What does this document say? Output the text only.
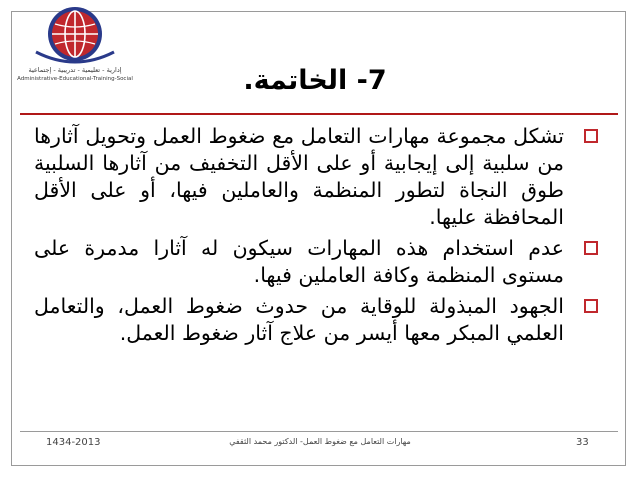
إدارية - تعليمية - تدريبية - إجتماعية
Administrative-Educational-Training-Social	7- الخاتمة.
تشكل مجموعة مهارات التعامل مع ضغوط العمل وتحويل آثارها من سلبية إلى إيجابية أو على الأقل التخفيف من آثارها السلبية طوق النجاة لتطور المنظمة والعاملين فيها، أو على الأقل المحافظة عليها.
عدم استخدام هذه المهارات سيكون له آثارا مدمرة على مستوى المنظمة وكافة العاملين فيها.
الجهود المبذولة للوقاية من حدوث ضغوط العمل، والتعامل العلمي المبكر معها أيسر من علاج آثار ضغوط العمل.
1434-2013	مهارات التعامل مع ضغوط العمل- الدكتور محمد الثقفي	33
